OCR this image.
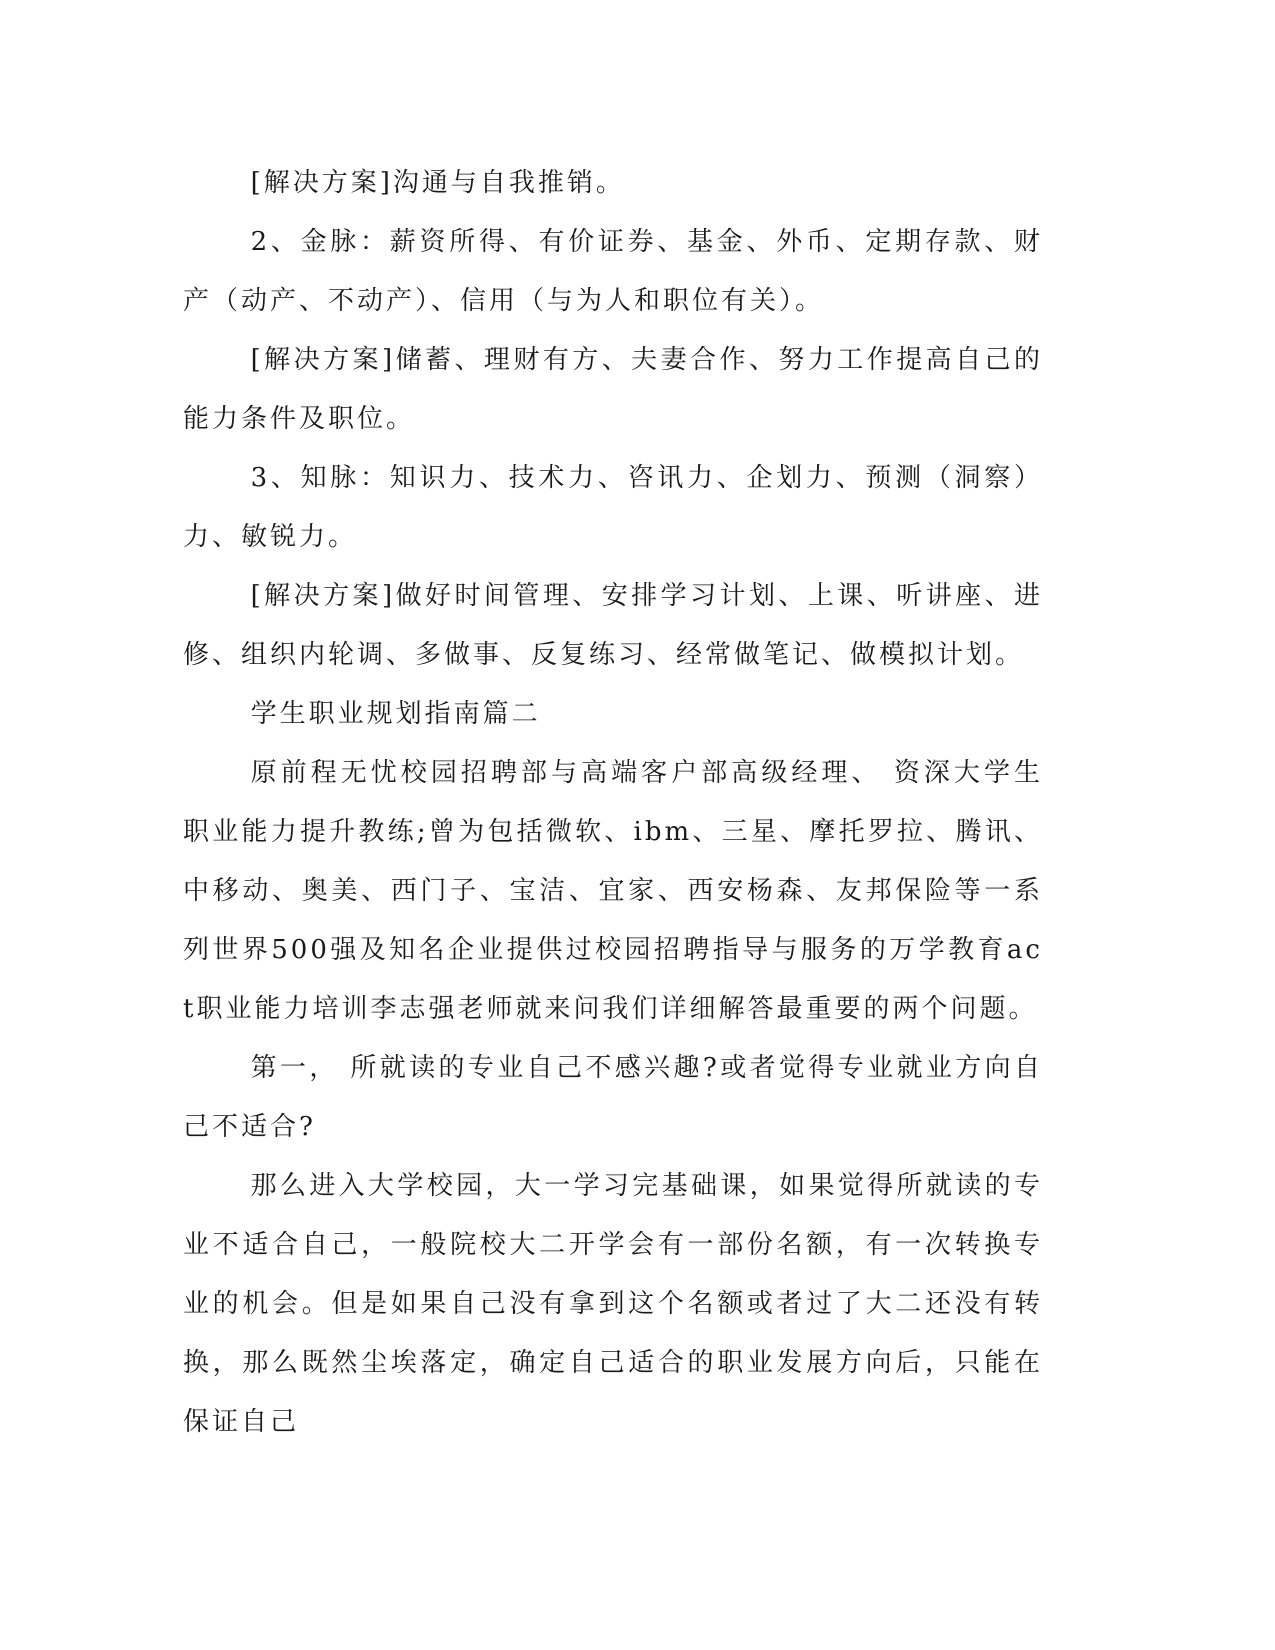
[解决方案]沟通与自我推销。

2、金脉：薪资所得、有价证券、基金、外币、定期存款、财产（动产、不动产）、信用（与为人和职位有关）。

[解决方案]储蓄、理财有方、夫妻合作、努力工作提高自己的能力条件及职位。

3、知脉：知识力、技术力、咨讯力、企划力、预测（洞察）力、敏锐力。

[解决方案]做好时间管理、安排学习计划、上课、听讲座、进修、组织内轮调、多做事、反复练习、经常做笔记、做模拟计划。

学生职业规划指南篇二

原前程无忧校园招聘部与高端客户部高级经理、 资深大学生职业能力提升教练;曾为包括微软、ibm、三星、摩托罗拉、腾讯、中移动、奥美、西门子、宝洁、宜家、西安杨森、友邦保险等一系列世界500强及知名企业提供过校园招聘指导与服务的万学教育act职业能力培训李志强老师就来问我们详细解答最重要的两个问题。

第一， 所就读的专业自己不感兴趣?或者觉得专业就业方向自己不适合?

那么进入大学校园，大一学习完基础课，如果觉得所就读的专业不适合自己，一般院校大二开学会有一部份名额，有一次转换专业的机会。但是如果自己没有拿到这个名额或者过了大二还没有转换，那么既然尘埃落定，确定自己适合的职业发展方向后，只能在保证自己
